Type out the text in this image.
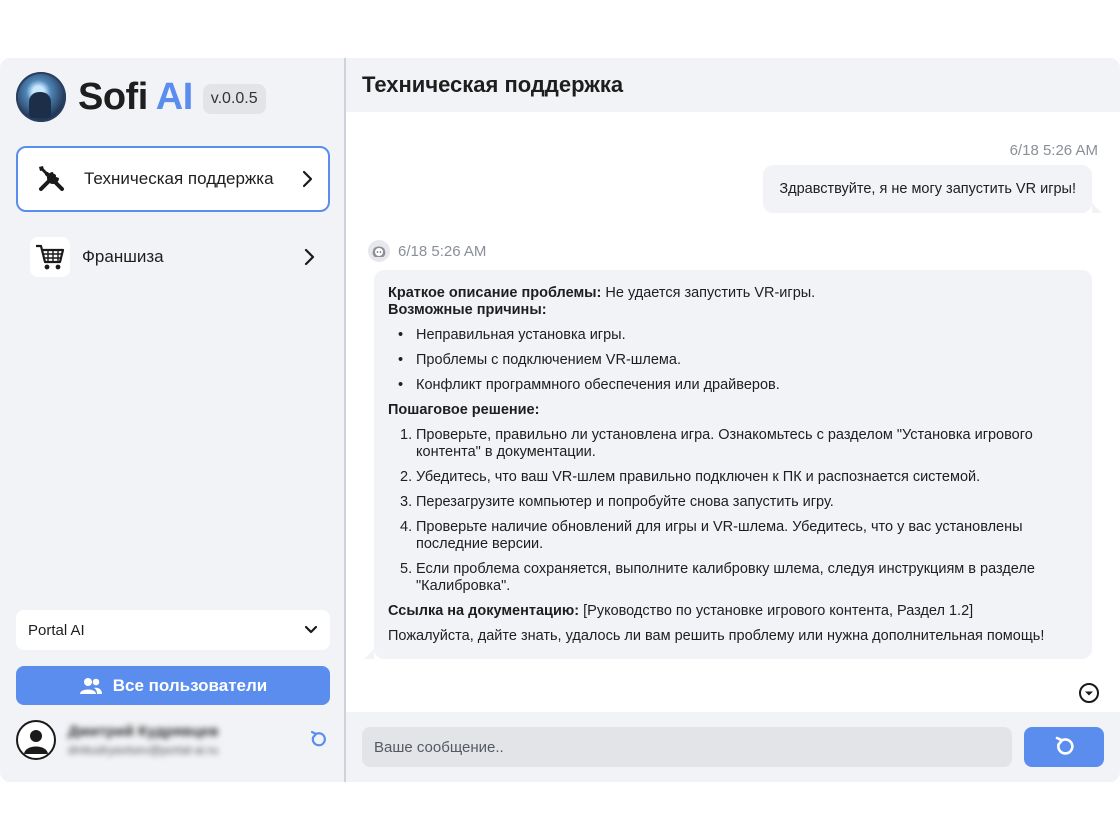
Sofi AI	v.0.0.5
Техническая поддержка
Франшиза
Portal AI
Все пользователи
Дмитрий Кудрявцев
dmkudryavtsev@portal-ai.ru
Техническая поддержка
6/18 5:26 AM
Здравствуйте, я не могу запустить VR игры!
6/18 5:26 AM
Краткое описание проблемы: Не удается запустить VR-игры.
Возможные причины:
• Неправильная установка игры.
• Проблемы с подключением VR-шлема.
• Конфликт программного обеспечения или драйверов.
Пошаговое решение:
1. Проверьте, правильно ли установлена игра. Ознакомьтесь с разделом "Установка игрового контента" в документации.
2. Убедитесь, что ваш VR-шлем правильно подключен к ПК и распознается системой.
3. Перезагрузите компьютер и попробуйте снова запустить игру.
4. Проверьте наличие обновлений для игры и VR-шлема. Убедитесь, что у вас установлены последние версии.
5. Если проблема сохраняется, выполните калибровку шлема, следуя инструкциям в разделе "Калибровка".
Ссылка на документацию: [Руководство по установке игрового контента, Раздел 1.2]
Пожалуйста, дайте знать, удалось ли вам решить проблему или нужна дополнительная помощь!
Ваше сообщение..
